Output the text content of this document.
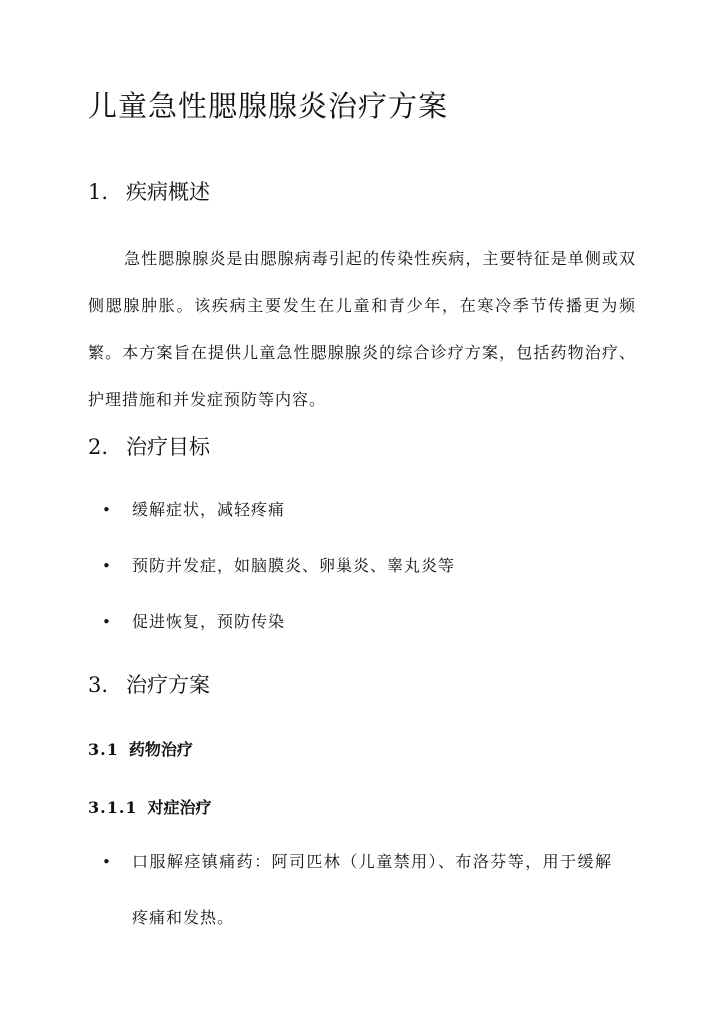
儿童急性腮腺腺炎治疗方案
1. 疾病概述

急性腮腺腺炎是由腮腺病毒引起的传染性疾病，主要特征是单侧或双侧腮腺肿胀。该疾病主要发生在儿童和青少年，在寒冷季节传播更为频繁。本方案旨在提供儿童急性腮腺腺炎的综合诊疗方案，包括药物治疗、护理措施和并发症预防等内容。

2. 治疗目标
•	缓解症状，减轻疼痛
•	预防并发症，如脑膜炎、卵巢炎、睾丸炎等
•	促进恢复，预防传染
3. 治疗方案
3.1 药物治疗
3.1.1 对症治疗
•	口服解痉镇痛药：阿司匹林（儿童禁用）、布洛芬等，用于缓解疼痛和发热。
